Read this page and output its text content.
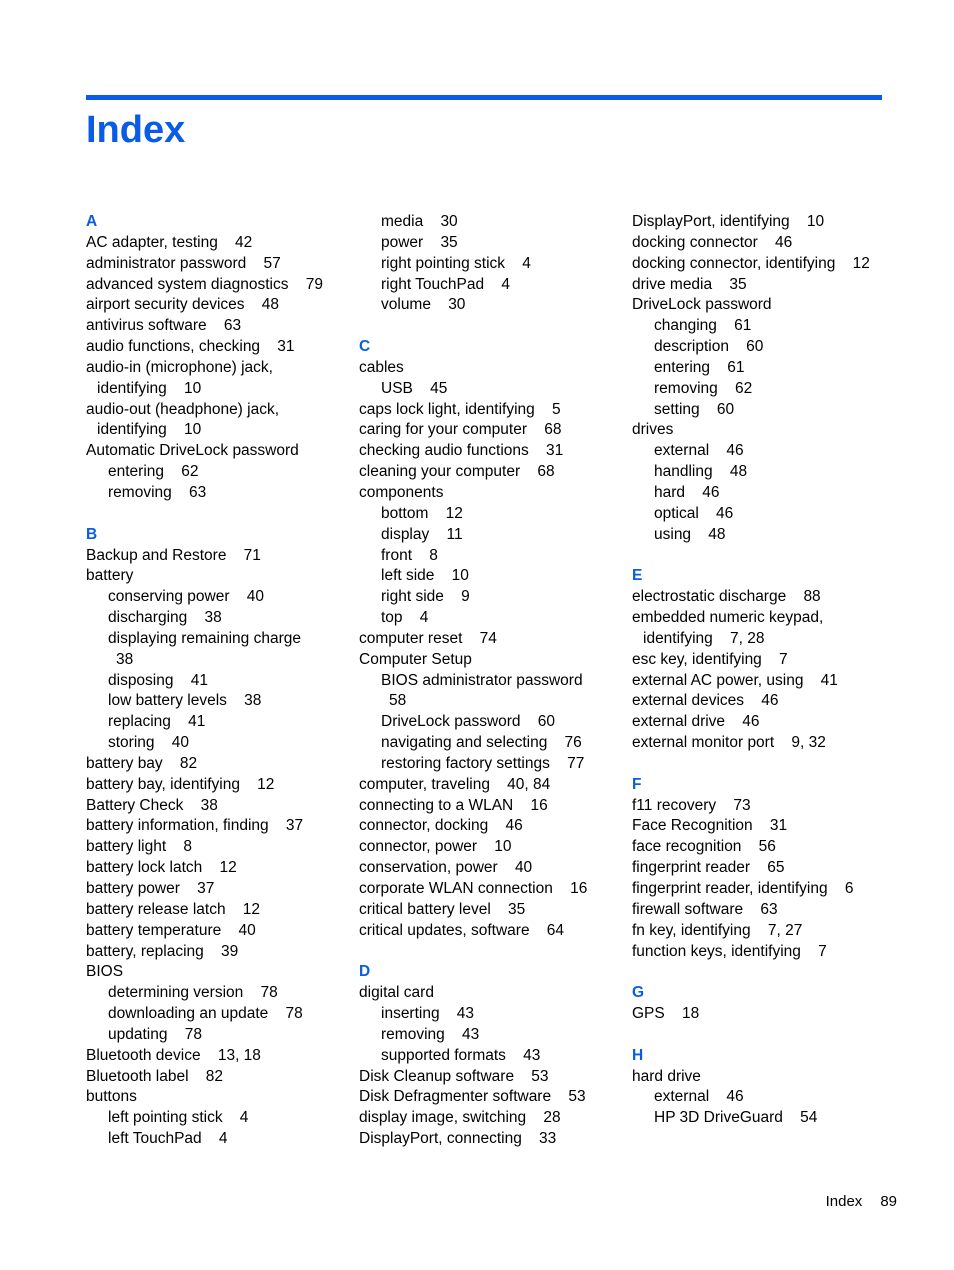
Index
A
AC adapter, testing    42
administrator password    57
advanced system diagnostics    79
airport security devices    48
antivirus software    63
audio functions, checking    31
audio-in (microphone) jack,
identifying    10
audio-out (headphone) jack,
identifying    10
Automatic DriveLock password
entering    62
removing    63
B
Backup and Restore    71
battery
conserving power    40
discharging    38
displaying remaining charge
38
disposing    41
low battery levels    38
replacing    41
storing    40
battery bay    82
battery bay, identifying    12
Battery Check    38
battery information, finding    37
battery light    8
battery lock latch    12
battery power    37
battery release latch    12
battery temperature    40
battery, replacing    39
BIOS
determining version    78
downloading an update    78
updating    78
Bluetooth device    13, 18
Bluetooth label    82
buttons
left pointing stick    4
left TouchPad    4
media    30
power    35
right pointing stick    4
right TouchPad    4
volume    30
C
cables
USB    45
caps lock light, identifying    5
caring for your computer    68
checking audio functions    31
cleaning your computer    68
components
bottom    12
display    11
front    8
left side    10
right side    9
top    4
computer reset    74
Computer Setup
BIOS administrator password
58
DriveLock password    60
navigating and selecting    76
restoring factory settings    77
computer, traveling    40, 84
connecting to a WLAN    16
connector, docking    46
connector, power    10
conservation, power    40
corporate WLAN connection    16
critical battery level    35
critical updates, software    64
D
digital card
inserting    43
removing    43
supported formats    43
Disk Cleanup software    53
Disk Defragmenter software    53
display image, switching    28
DisplayPort, connecting    33
DisplayPort, identifying    10
docking connector    46
docking connector, identifying    12
drive media    35
DriveLock password
changing    61
description    60
entering    61
removing    62
setting    60
drives
external    46
handling    48
hard    46
optical    46
using    48
E
electrostatic discharge    88
embedded numeric keypad,
identifying    7, 28
esc key, identifying    7
external AC power, using    41
external devices    46
external drive    46
external monitor port    9, 32
F
f11 recovery    73
Face Recognition    31
face recognition    56
fingerprint reader    65
fingerprint reader, identifying    6
firewall software    63
fn key, identifying    7, 27
function keys, identifying    7
G
GPS    18
H
hard drive
external    46
HP 3D DriveGuard    54
Index 89
